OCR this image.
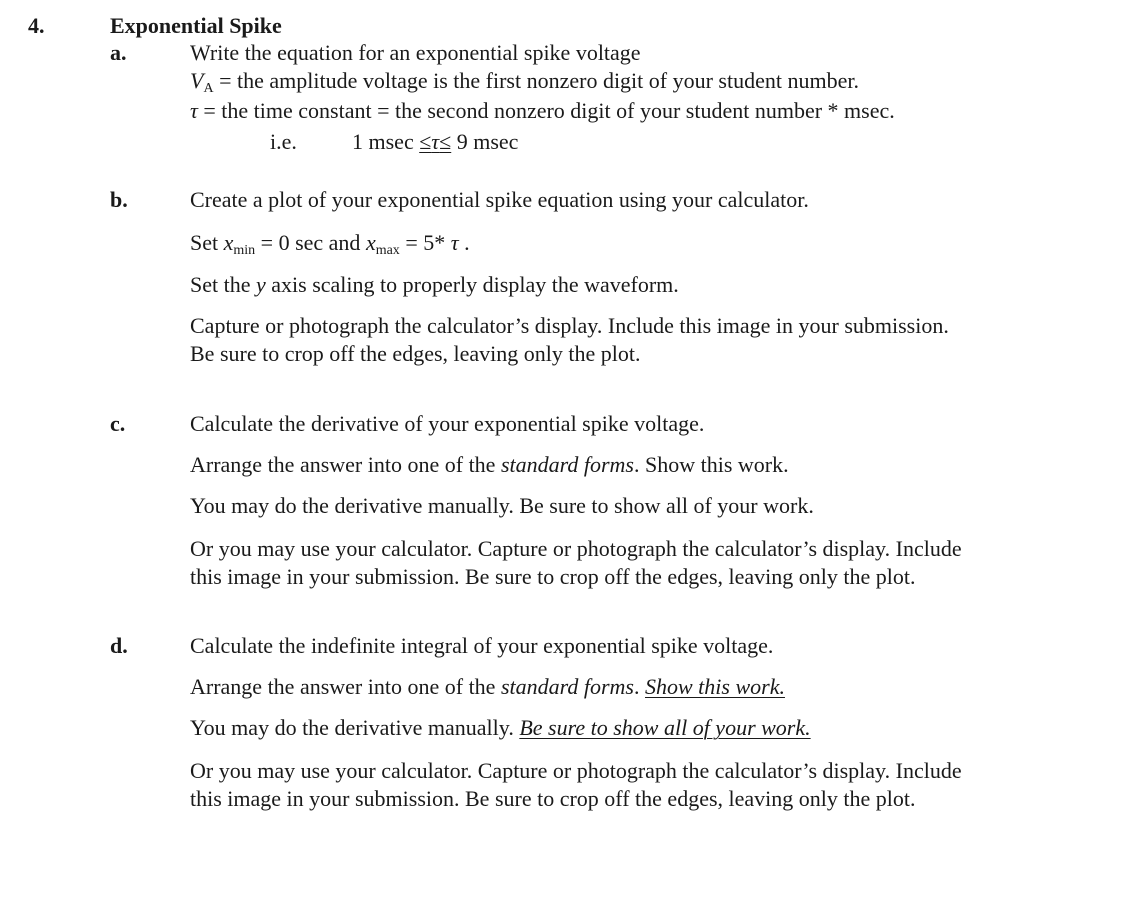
4.	Exponential Spike
a.	Write the equation for an exponential spike voltage
$V_A$ = the amplitude voltage is the first nonzero digit of your student number.
τ = the time constant = the second nonzero digit of your student number * msec.
i.e.	1 msec ≤τ≤ 9 msec
b.	Create a plot of your exponential spike equation using your calculator.
Set $x_{min} = 0$ sec and $x_{max} = 5*$ τ .
Set the y axis scaling to properly display the waveform.
Capture or photograph the calculator’s display. Include this image in your submission.
Be sure to crop off the edges, leaving only the plot.
c.	Calculate the derivative of your exponential spike voltage.
Arrange the answer into one of the standard forms. Show this work.
You may do the derivative manually. Be sure to show all of your work.
Or you may use your calculator. Capture or photograph the calculator’s display. Include
this image in your submission. Be sure to crop off the edges, leaving only the plot.
d.	Calculate the indefinite integral of your exponential spike voltage.
Arrange the answer into one of the standard forms. Show this work.
You may do the derivative manually. Be sure to show all of your work.
Or you may use your calculator. Capture or photograph the calculator’s display. Include
this image in your submission. Be sure to crop off the edges, leaving only the plot.
